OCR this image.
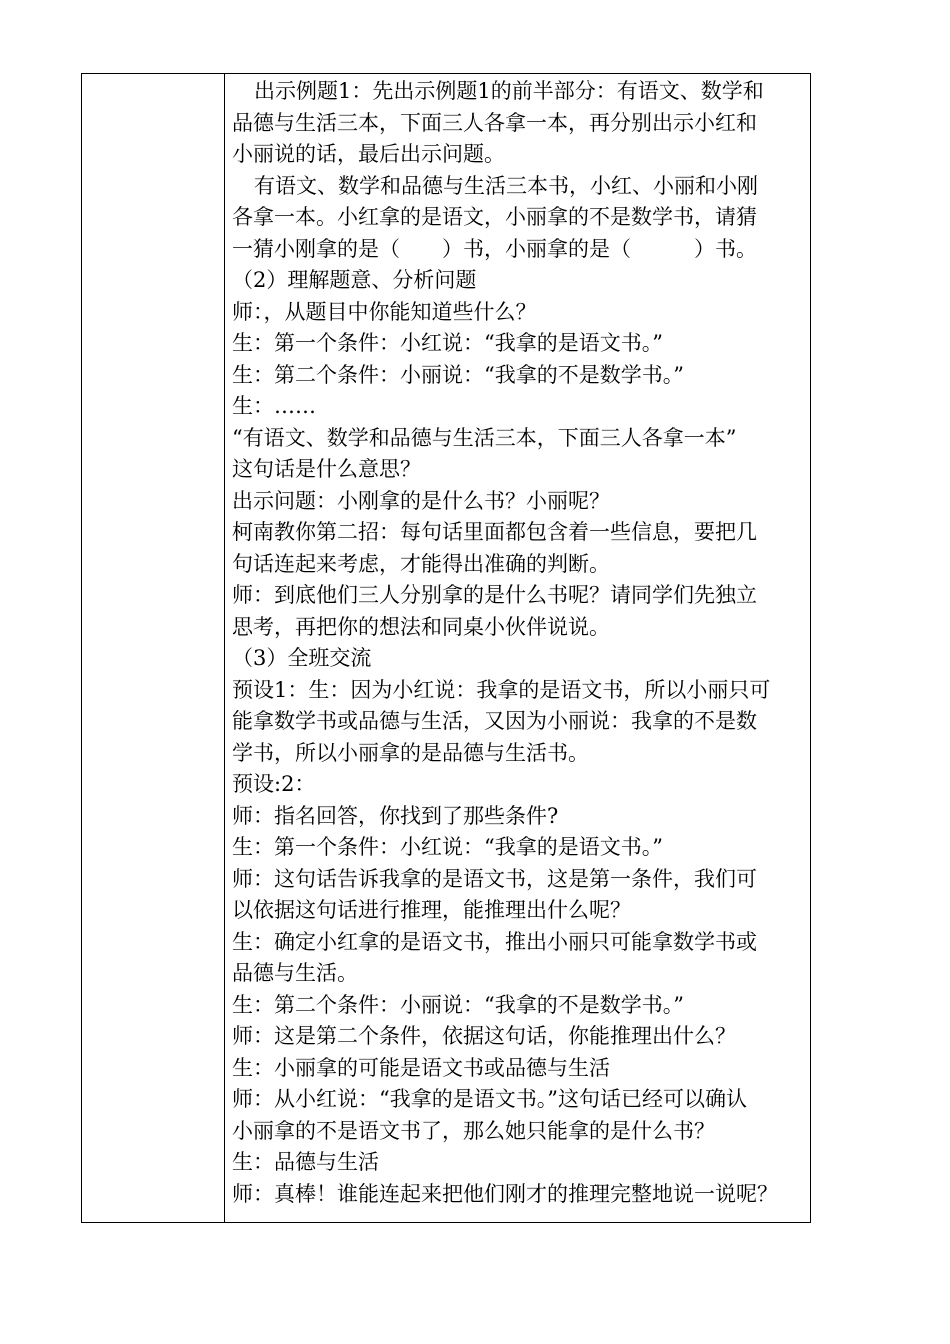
出示例题1：先出示例题1的前半部分：有语文、数学和
品德与生活三本，下面三人各拿一本，再分别出示小红和
小丽说的话，最后出示问题。
有语文、数学和品德与生活三本书，小红、小丽和小刚
各拿一本。小红拿的是语文，小丽拿的不是数学书，请猜
一猜小刚拿的是（　　）书，小丽拿的是（　　　）书。
（2）理解题意、分析问题
师：，从题目中你能知道些什么？
生：第一个条件：小红说：“我拿的是语文书。”
生：第二个条件：小丽说：“我拿的不是数学书。”
生：……
“有语文、数学和品德与生活三本，下面三人各拿一本”
这句话是什么意思？
出示问题：小刚拿的是什么书？小丽呢？
柯南教你第二招：每句话里面都包含着一些信息，要把几
句话连起来考虑，才能得出准确的判断。
师：到底他们三人分别拿的是什么书呢？请同学们先独立
思考，再把你的想法和同桌小伙伴说说。
（3）全班交流
预设1：生：因为小红说：我拿的是语文书，所以小丽只可
能拿数学书或品德与生活，又因为小丽说：我拿的不是数
学书，所以小丽拿的是品德与生活书。
预设:2：
师：指名回答，你找到了那些条件?
生：第一个条件：小红说：“我拿的是语文书。”
师：这句话告诉我拿的是语文书，这是第一条件，我们可
以依据这句话进行推理，能推理出什么呢？
生：确定小红拿的是语文书，推出小丽只可能拿数学书或
品德与生活。
生：第二个条件：小丽说：“我拿的不是数学书。”
师：这是第二个条件，依据这句话，你能推理出什么？
生：小丽拿的可能是语文书或品德与生活
师：从小红说：“我拿的是语文书。”这句话已经可以确认
小丽拿的不是语文书了，那么她只能拿的是什么书？
生：品德与生活
师：真棒！谁能连起来把他们刚才的推理完整地说一说呢？
